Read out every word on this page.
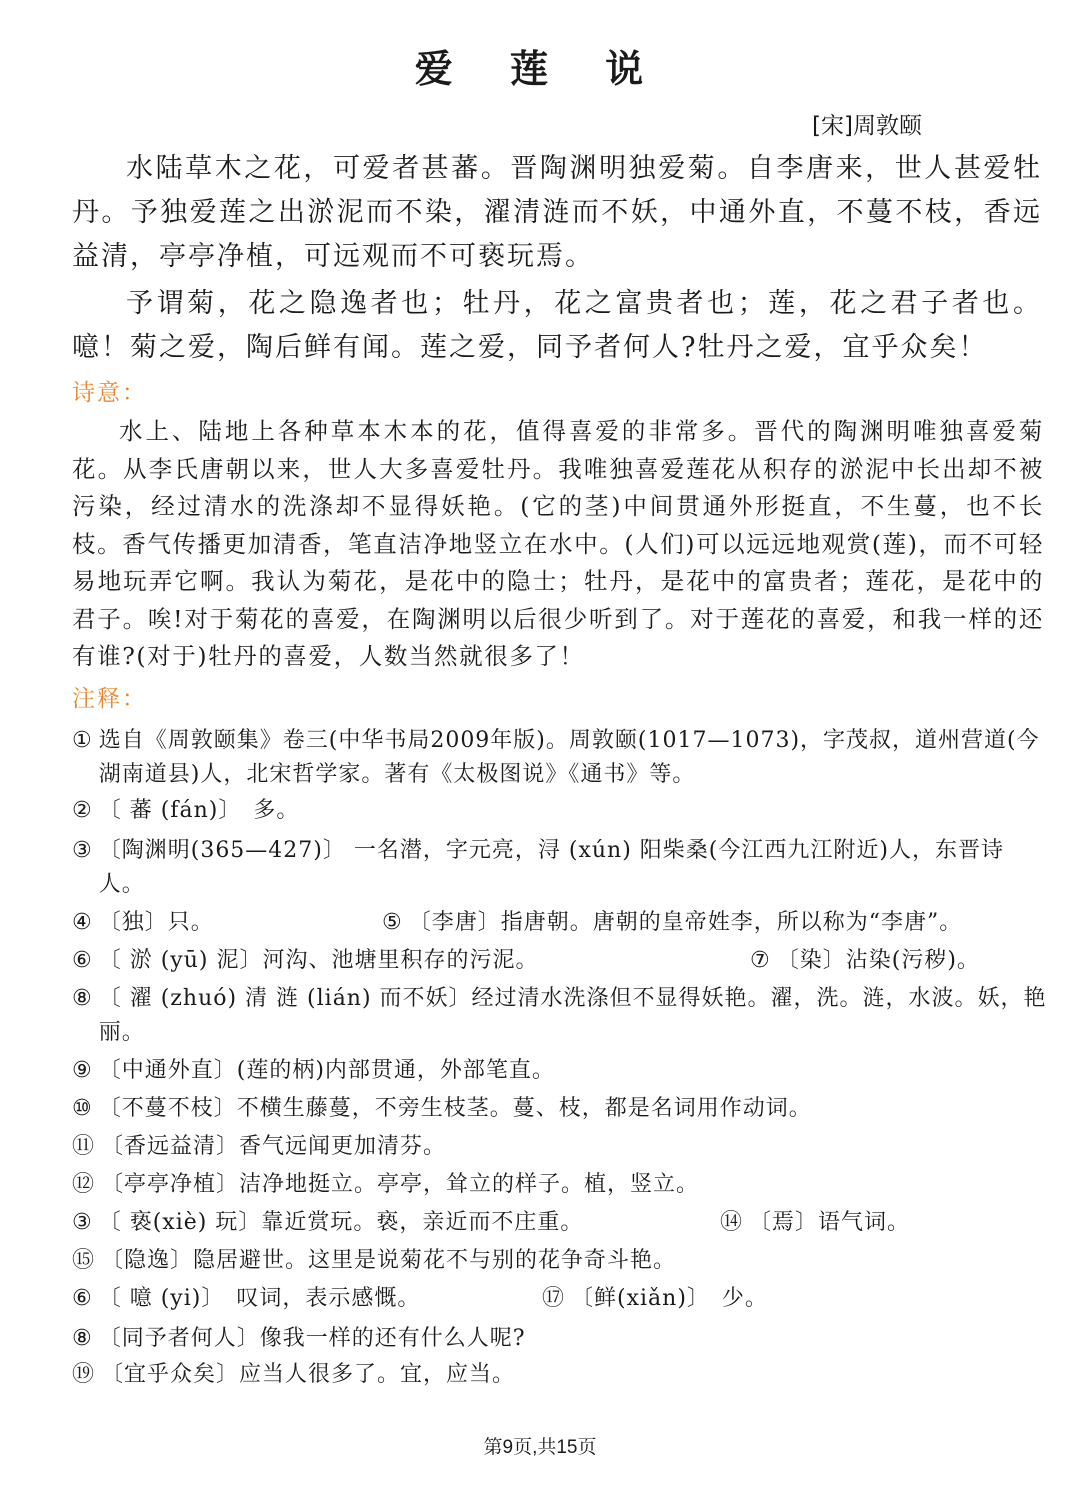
爱 莲 说
[宋]周敦颐

水陆草木之花，可爱者甚蕃。晋陶渊明独爱菊。自李唐来，世人甚爱牡丹。予独爱莲之出淤泥而不染，濯清涟而不妖，中通外直，不蔓不枝，香远益清，亭亭净植，可远观而不可亵玩焉。

予谓菊，花之隐逸者也；牡丹，花之富贵者也；莲，花之君子者也。噫！菊之爱，陶后鲜有闻。莲之爱，同予者何人?牡丹之爱，宜乎众矣！

诗意：

水上、陆地上各种草本木本的花，值得喜爱的非常多。晋代的陶渊明唯独喜爱菊花。从李氏唐朝以来，世人大多喜爱牡丹。我唯独喜爱莲花从积存的淤泥中长出却不被污染，经过清水的洗涤却不显得妖艳。(它的茎)中间贯通外形挺直，不生蔓，也不长枝。香气传播更加清香，笔直洁净地竖立在水中。(人们)可以远远地观赏(莲)，而不可轻易地玩弄它啊。我认为菊花，是花中的隐士；牡丹，是花中的富贵者；莲花，是花中的君子。唉!对于菊花的喜爱，在陶渊明以后很少听到了。对于莲花的喜爱，和我一样的还有谁?(对于)牡丹的喜爱，人数当然就很多了！

注释：
① 选自《周敦颐集》卷三(中华书局2009年版)。周敦颐(1017—1073)，字茂叔，道州营道(今湖南道县)人，北宋哲学家。著有《太极图说》《通书》等。
② 〔 蕃 (fán)〕　多。
③ 〔陶渊明(365—427)〕 一名潜，字元亮，浔 (xún) 阳柴桑(今江西九江附近)人，东晋诗人。
④ 〔独〕只。	⑤ 〔李唐〕指唐朝。唐朝的皇帝姓李，所以称为“李唐”。
⑥ 〔 淤 (yū) 泥〕河沟、池塘里积存的污泥。	⑦ 〔染〕沾染(污秽)。
⑧ 〔 濯 (zhuó) 清 涟 (lián) 而不妖〕经过清水洗涤但不显得妖艳。濯，洗。涟，水波。妖，艳丽。
⑨ 〔中通外直〕(莲的柄)内部贯通，外部笔直。
⑩ 〔不蔓不枝〕不横生藤蔓，不旁生枝茎。蔓、枝，都是名词用作动词。
⑪ 〔香远益清〕香气远闻更加清芬。
⑫ 〔亭亭净植〕洁净地挺立。亭亭，耸立的样子。植，竖立。
③ 〔 亵(xiè) 玩〕靠近赏玩。亵，亲近而不庄重。	⑭ 〔焉〕语气词。
⑮ 〔隐逸〕隐居避世。这里是说菊花不与别的花争奇斗艳。
⑥ 〔 噫 (yi)〕　叹词，表示感慨。	⑰ 〔鲜(xiǎn)〕　少。
⑧ 〔同予者何人〕像我一样的还有什么人呢?
⑲ 〔宜乎众矣〕应当人很多了。宜，应当。
第9页,共15页
